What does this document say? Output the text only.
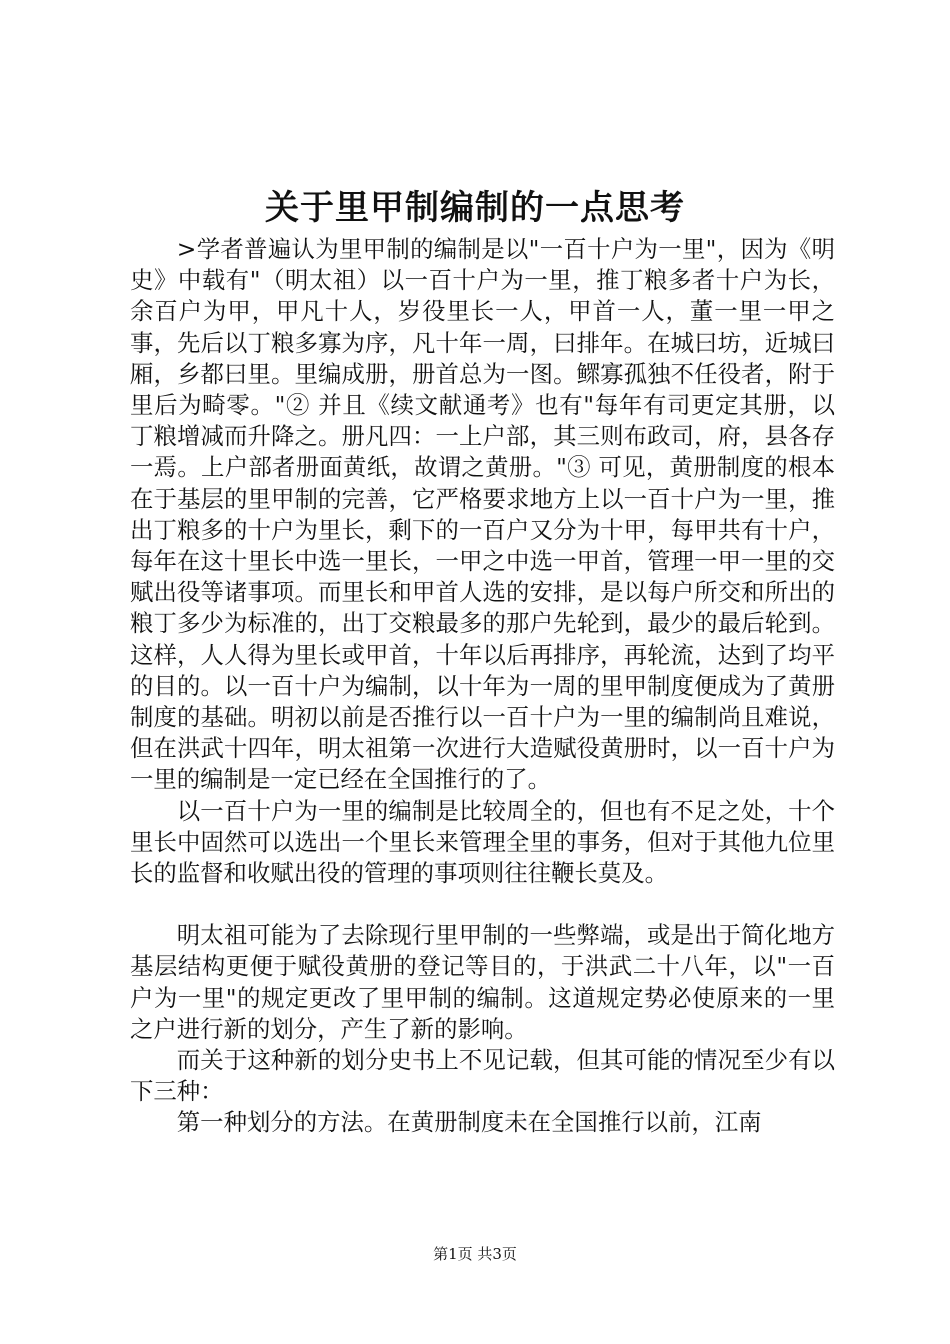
关于里甲制编制的一点思考

>学者普遍认为里甲制的编制是以"一百十户为一里"，因为《明史》中载有"（明太祖）以一百十户为一里，推丁粮多者十户为长，余百户为甲，甲凡十人，岁役里长一人，甲首一人，董一里一甲之事，先后以丁粮多寡为序，凡十年一周，曰排年。在城曰坊，近城曰厢，乡都曰里。里编成册，册首总为一图。鳏寡孤独不任役者，附于里后为畸零。"② 并且《续文献通考》也有"每年有司更定其册，以丁粮增减而升降之。册凡四：一上户部，其三则布政司，府，县各存一焉。上户部者册面黄纸，故谓之黄册。"③ 可见，黄册制度的根本在于基层的里甲制的完善，它严格要求地方上以一百十户为一里，推出丁粮多的十户为里长，剩下的一百户又分为十甲，每甲共有十户，每年在这十里长中选一里长，一甲之中选一甲首，管理一甲一里的交赋出役等诸事项。而里长和甲首人选的安排，是以每户所交和所出的粮丁多少为标准的，出丁交粮最多的那户先轮到，最少的最后轮到。这样，人人得为里长或甲首，十年以后再排序，再轮流，达到了均平的目的。以一百十户为编制，以十年为一周的里甲制度便成为了黄册制度的基础。明初以前是否推行以一百十户为一里的编制尚且难说，但在洪武十四年，明太祖第一次进行大造赋役黄册时，以一百十户为一里的编制是一定已经在全国推行的了。

以一百十户为一里的编制是比较周全的，但也有不足之处，十个里长中固然可以选出一个里长来管理全里的事务，但对于其他九位里长的监督和收赋出役的管理的事项则往往鞭长莫及。

明太祖可能为了去除现行里甲制的一些弊端，或是出于简化地方基层结构更便于赋役黄册的登记等目的，于洪武二十八年，以"一百户为一里"的规定更改了里甲制的编制。这道规定势必使原来的一里之户进行新的划分，产生了新的影响。

而关于这种新的划分史书上不见记载，但其可能的情况至少有以下三种：

第一种划分的方法。在黄册制度未在全国推行以前，江南

第1页 共3页
